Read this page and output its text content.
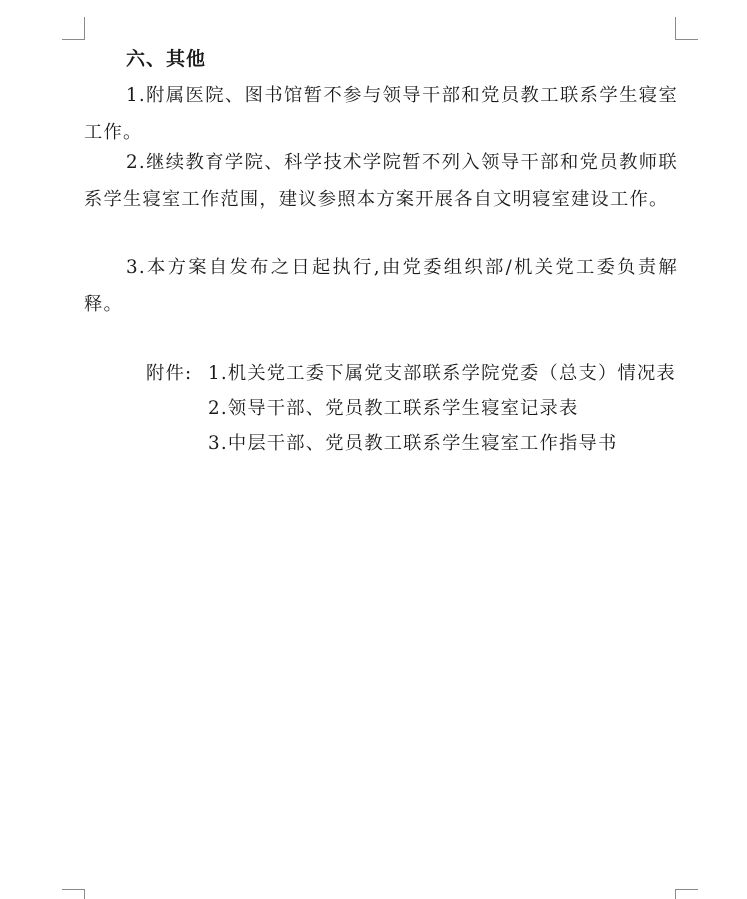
六、其他
1.附属医院、图书馆暂不参与领导干部和党员教工联系学生寝室工作。
2.继续教育学院、科学技术学院暂不列入领导干部和党员教师联系学生寝室工作范围，建议参照本方案开展各自文明寝室建设工作。
3.本方案自发布之日起执行,由党委组织部/机关党工委负责解释。
附件: 1.机关党工委下属党支部联系学院党委（总支）情况表
2.领导干部、党员教工联系学生寝室记录表
3.中层干部、党员教工联系学生寝室工作指导书
